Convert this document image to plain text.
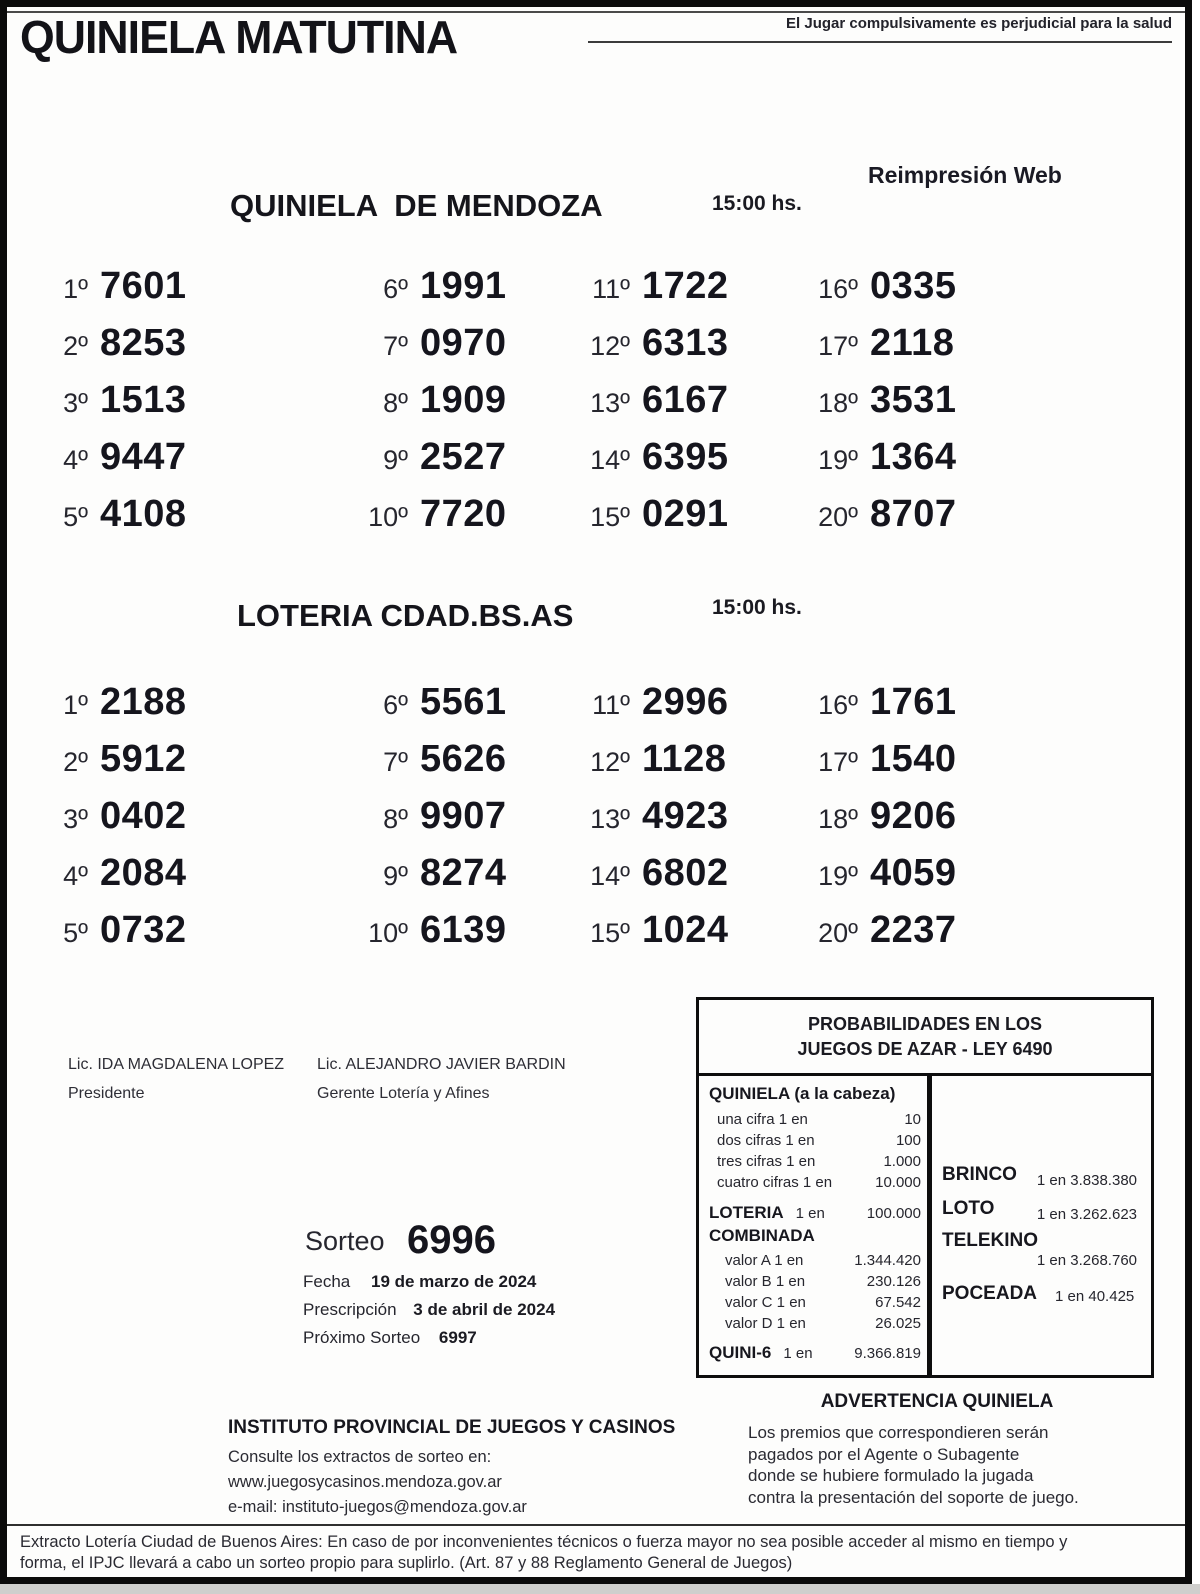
QUINIELA MATUTINA	El Jugar compulsivamente es perjudicial para la salud
QUINIELA  DE MENDOZA	15:00 hs.
Reimpresión Web
1º 7601
2º 8253
3º 1513
4º 9447
5º 4108
6º 1991
7º 0970
8º 1909
9º 2527
10º 7720
11º 1722
12º 6313
13º 6167
14º 6395
15º 0291
16º 0335
17º 2118
18º 3531
19º 1364
20º 8707
LOTERIA CDAD.BS.AS	15:00 hs.
1º 2188
2º 5912
3º 0402
4º 2084
5º 0732
6º 5561
7º 5626
8º 9907
9º 8274
10º 6139
11º 2996
12º 1128
13º 4923
14º 6802
15º 1024
16º 1761
17º 1540
18º 9206
19º 4059
20º 2237
Lic. IDA MAGDALENA LOPEZ
Presidente
Lic. ALEJANDRO JAVIER BARDIN
Gerente Lotería y Afines
Sorteo 6996
Fecha 19 de marzo de 2024
Prescripción 3 de abril de 2024
Próximo Sorteo 6997
PROBABILIDADES EN LOS
JUEGOS DE AZAR - LEY 6490
QUINIELA (a la cabeza)
una cifra 1 en	10
dos cifras 1 en	100
tres cifras 1 en	1.000
cuatro cifras 1 en	10.000
LOTERIA 1 en	100.000
COMBINADA
valor A 1 en	1.344.420
valor B 1 en	230.126
valor C 1 en	67.542
valor D 1 en	26.025
QUINI-6 1 en	9.366.819
BRINCO 1 en 3.838.380
LOTO	1 en 3.262.623
TELEKINO
1 en 3.268.760
POCEADA 1 en 40.425
INSTITUTO PROVINCIAL DE JUEGOS Y CASINOS
Consulte los extractos de sorteo en:
www.juegosycasinos.mendoza.gov.ar
e-mail: instituto-juegos@mendoza.gov.ar
ADVERTENCIA QUINIELA
Los premios que correspondieren serán
pagados por el Agente o Subagente
donde se hubiere formulado la jugada
contra la presentación del soporte de juego.
Extracto Lotería Ciudad de Buenos Aires: En caso de por inconvenientes técnicos o fuerza mayor no sea posible acceder al mismo en tiempo y
forma, el IPJC llevará a cabo un sorteo propio para suplirlo. (Art. 87 y 88 Reglamento General de Juegos)
